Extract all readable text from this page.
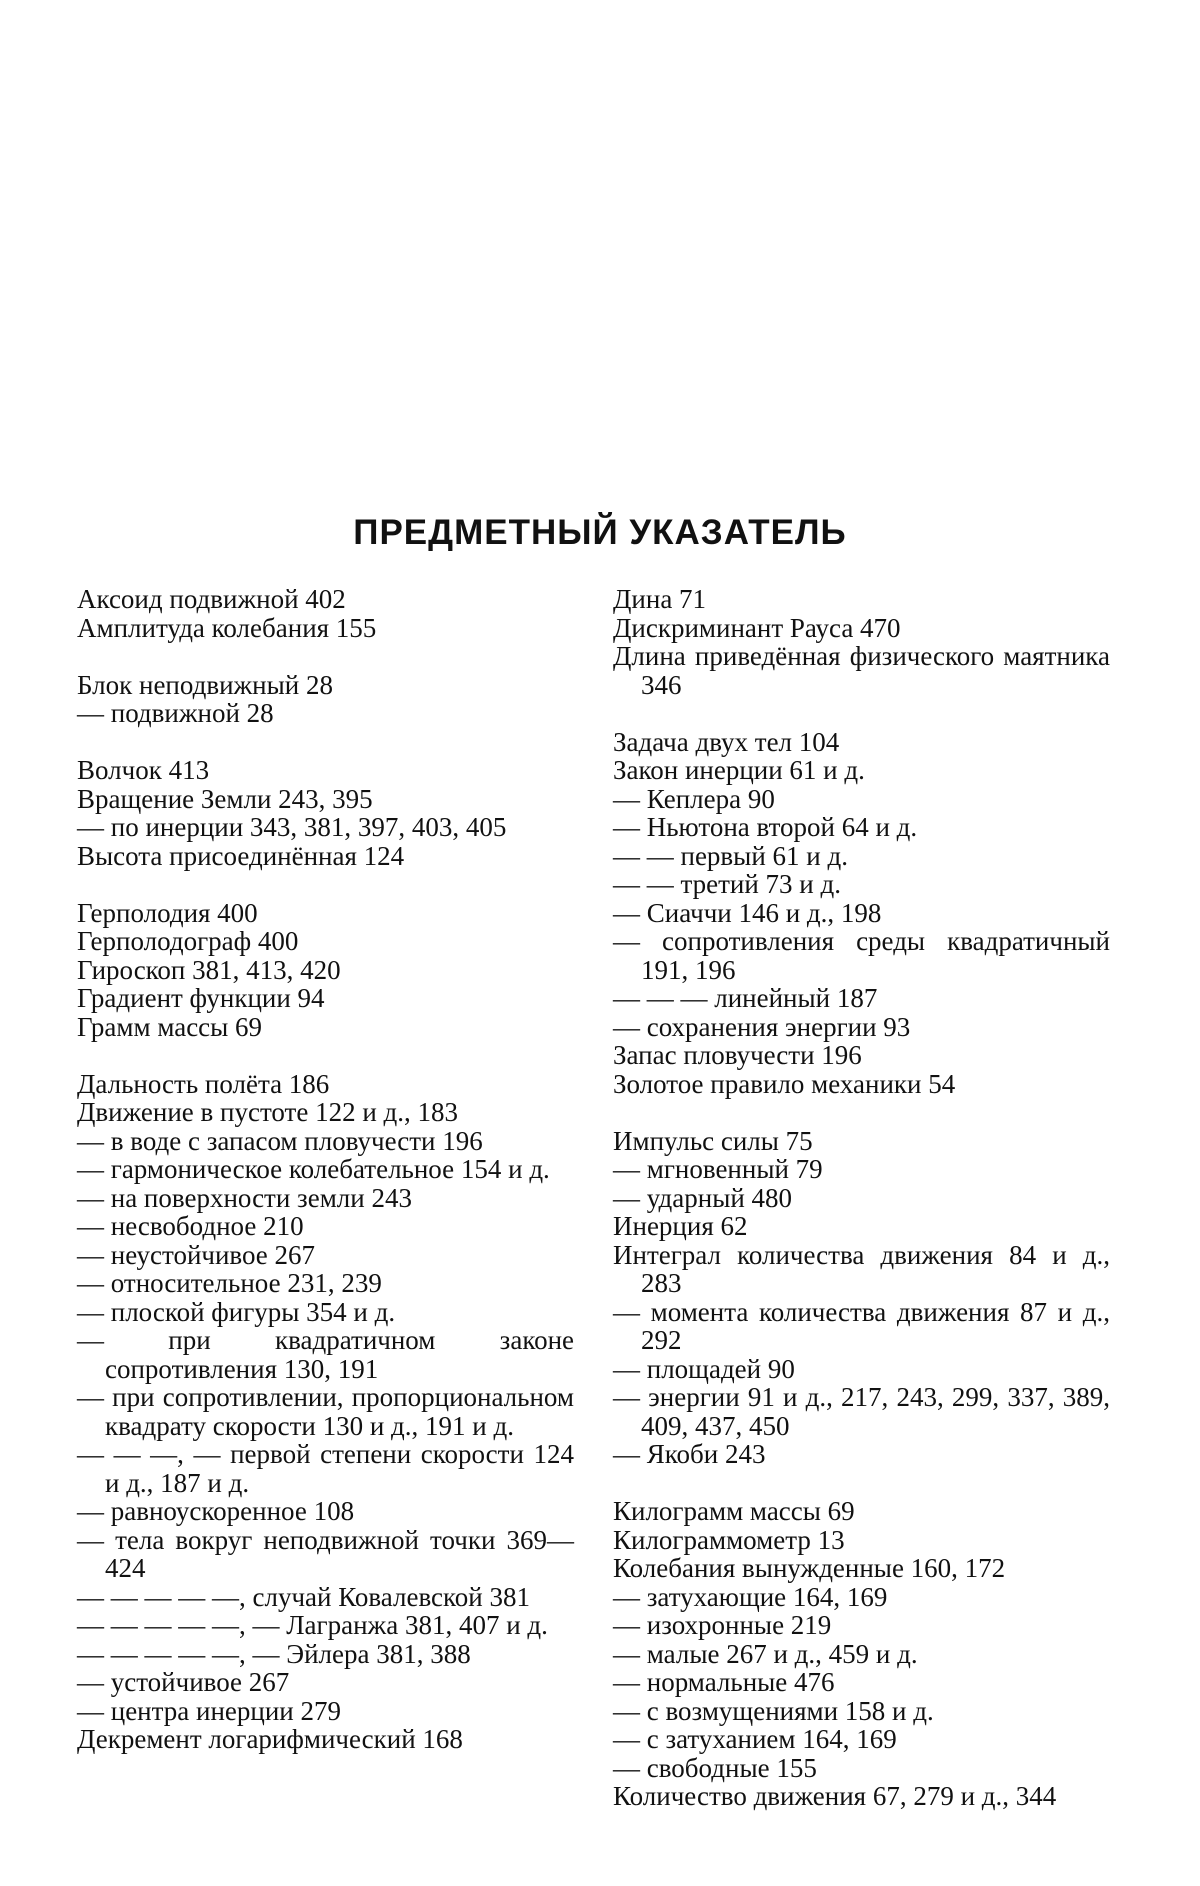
ПРЕДМЕТНЫЙ УКАЗАТЕЛЬ
Аксоид подвижной 402
Амплитуда колебания 155
Блок неподвижный 28
— подвижной 28
Волчок 413
Вращение Земли 243, 395
— по инерции 343, 381, 397, 403, 405
Высота присоединённая 124
Герполодия 400
Герполодограф 400
Гироскоп 381, 413, 420
Градиент функции 94
Грамм массы 69
Дальность полёта 186
Движение в пустоте 122 и д., 183
— в воде с запасом пловучести 196
— гармоническое колебательное 154 и д.
— на поверхности земли 243
— несвободное 210
— неустойчивое 267
— относительное 231, 239
— плоской фигуры 354 и д.
— при квадратичном законе сопротивления 130, 191
— при сопротивлении, пропорциональном квадрату скорости 130 и д., 191 и д.
— — —, — первой степени скорости 124 и д., 187 и д.
— равноускоренное 108
— тела вокруг неподвижной точки 369—424
— — — — —, случай Ковалевской 381
— — — — —, — Лагранжа 381, 407 и д.
— — — — —, — Эйлера 381, 388
— устойчивое 267
— центра инерции 279
Декремент логарифмический 168
Дина 71
Дискриминант Рауса 470
Длина приведённая физического маятника 346
Задача двух тел 104
Закон инерции 61 и д.
— Кеплера 90
— Ньютона второй 64 и д.
— — первый 61 и д.
— — третий 73 и д.
— Сиаччи 146 и д., 198
— сопротивления среды квадратичный 191, 196
— — — линейный 187
— сохранения энергии 93
Запас пловучести 196
Золотое правило механики 54
Импульс силы 75
— мгновенный 79
— ударный 480
Инерция 62
Интеграл количества движения 84 и д., 283
— момента количества движения 87 и д., 292
— площадей 90
— энергии 91 и д., 217, 243, 299, 337, 389, 409, 437, 450
— Якоби 243
Килограмм массы 69
Килограммометр 13
Колебания вынужденные 160, 172
— затухающие 164, 169
— изохронные 219
— малые 267 и д., 459 и д.
— нормальные 476
— с возмущениями 158 и д.
— с затуханием 164, 169
— свободные 155
Количество движения 67, 279 и д., 344
